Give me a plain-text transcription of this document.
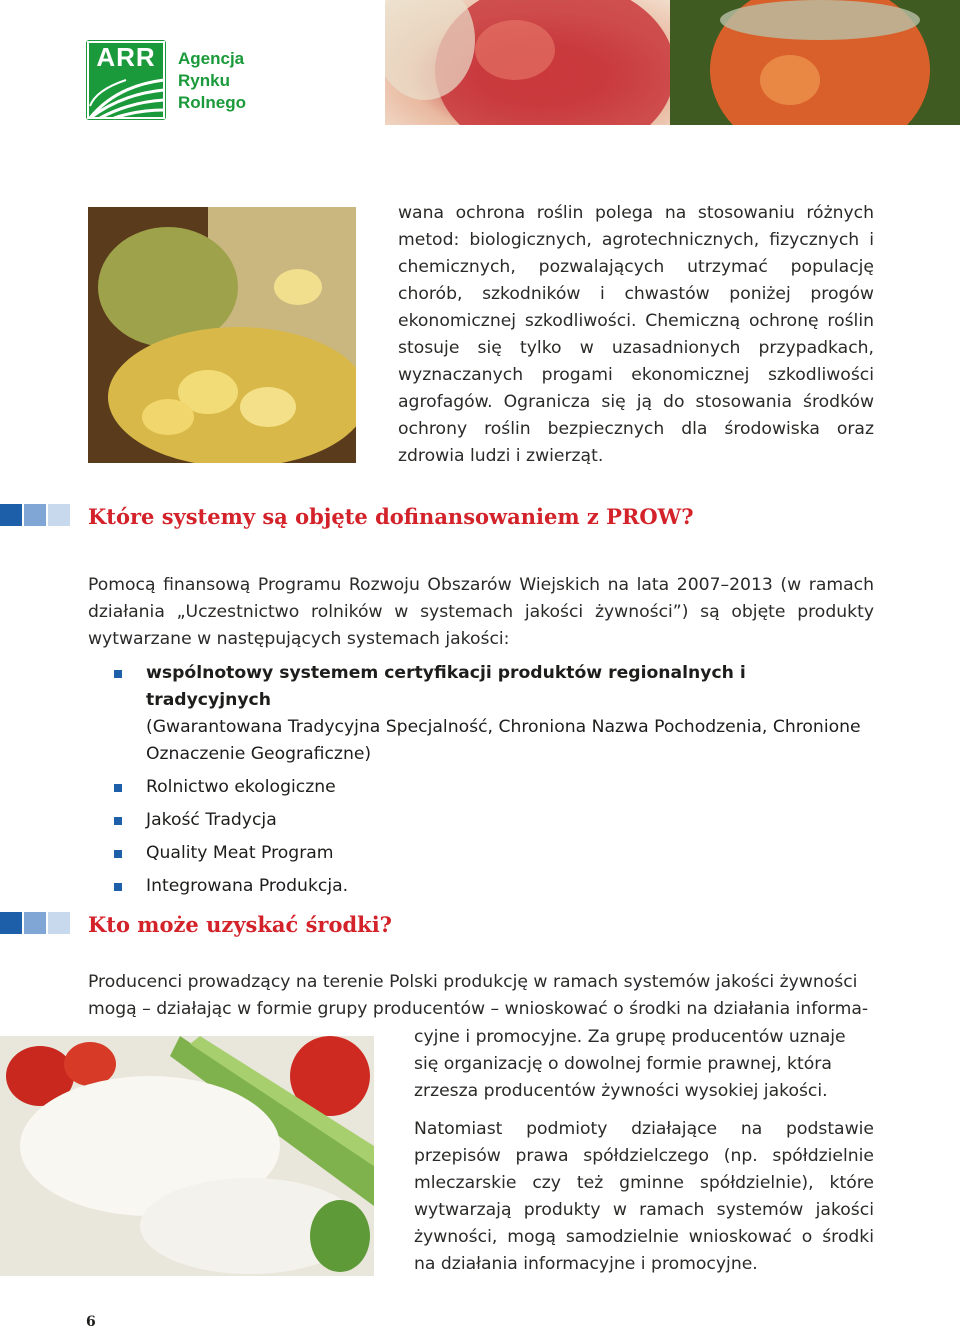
ARR	Agencja
Rynku
Rolnego
wana ochrona roślin polega na stosowaniu różnych metod: biologicznych, agrotechnicznych, fizycznych i chemicznych, pozwalających utrzymać populację chorób, szkodników i chwastów poniżej progów ekonomicznej szkodliwości. Chemiczną ochronę roślin stosuje się tylko w uzasadnionych przypadkach, wyznaczanych progami ekonomicznej szkodliwości agrofagów. Ogranicza się ją do stosowania środków ochrony roślin bezpiecznych dla środowiska oraz zdrowia ludzi i zwierząt.
Które systemy są objęte dofinansowaniem z PROW?
Pomocą finansową Programu Rozwoju Obszarów Wiejskich na lata 2007–2013 (w ramach działania „Uczestnictwo rolników w systemach jakości żywności”) są objęte produkty wytwarzane w następujących systemach jakości:
wspólnotowy systemem certyfikacji produktów regionalnych i tradycyjnych
(Gwarantowana Tradycyjna Specjalność, Chroniona Nazwa Pochodzenia, Chronione Oznaczenie Geograficzne)
Rolnictwo ekologiczne
Jakość Tradycja
Quality Meat Program
Integrowana Produkcja.
Kto może uzyskać środki?
Producenci prowadzący na terenie Polski produkcję w ramach systemów jakości żywności mogą – działając w formie grupy producentów – wnioskować o środki na działania informa-
cyjne i promocyjne. Za grupę producentów uznaje się organizację o dowolnej formie prawnej, która zrzesza producentów żywności wysokiej jakości.
Natomiast podmioty działające na podstawie przepisów prawa spółdzielczego (np. spółdzielnie mleczarskie czy też gminne spółdzielnie), które wytwarzają produkty w ramach systemów jakości żywności, mogą samodzielnie wnioskować o środki na działania informacyjne i promocyjne.
6
